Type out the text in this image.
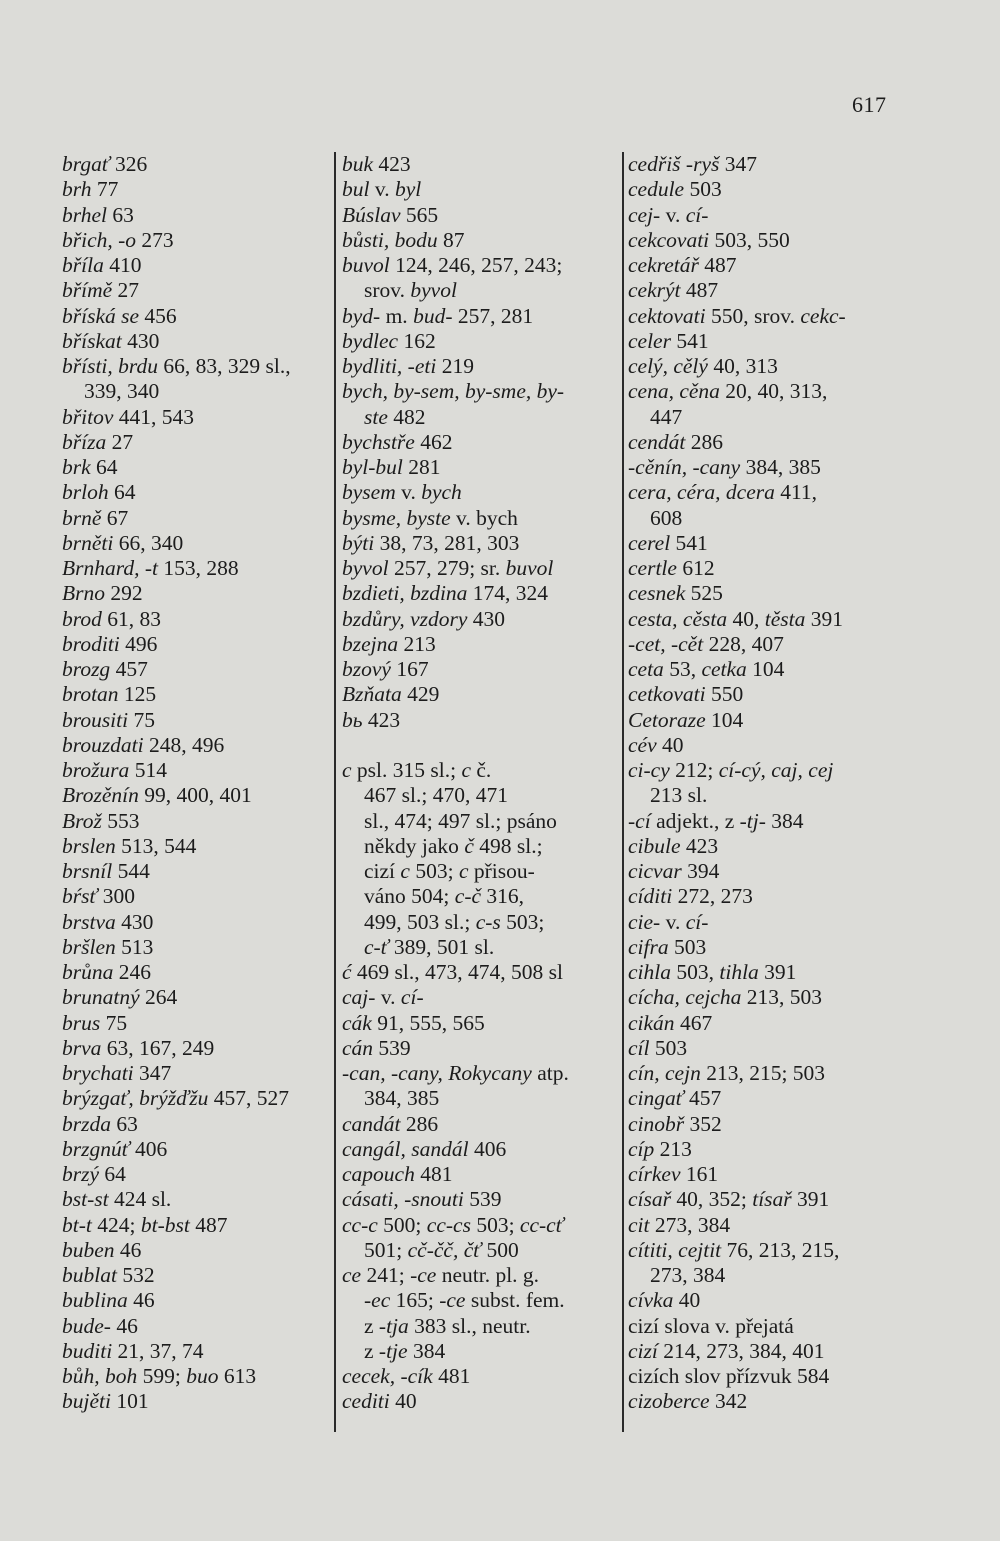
617
brgať 326
brh 77
brhel 63
břich, -o 273
bříla 410
břímě 27
bříská se 456
břískat 430
břísti, brdu 66, 83, 329 sl.,
339, 340
břitov 441, 543
bříza 27
brk 64
brloh 64
brně 67
brněti 66, 340
Brnhard, -t 153, 288
Brno 292
brod 61, 83
broditi 496
brozg 457
brotan 125
brousiti 75
brouzdati 248, 496
brožura 514
Brozěnín 99, 400, 401
Brož 553
brslen 513, 544
brsníl 544
bŕsť 300
brstva 430
bršlen 513
brůna 246
brunatný 264
brus 75
brva 63, 167, 249
brychati 347
brýzgať, brýžďžu 457, 527
brzda 63
brzgnúť 406
brzý 64
bst-st 424 sl.
bt-t 424; bt-bst 487
buben 46
bublat 532
bublina 46
bude- 46
buditi 21, 37, 74
bůh, boh 599; buo 613
bujěti 101
buk 423
bul v. byl
Búslav 565
bůsti, bodu 87
buvol 124, 246, 257, 243;
srov. byvol
byd- m. bud- 257, 281
bydlec 162
bydliti, -eti 219
bych, by-sem, by-sme, by-
ste 482
bychstře 462
byl-bul 281
bysem v. bych
bysme, byste v. bych
býti 38, 73, 281, 303
byvol 257, 279; sr. buvol
bzdieti, bzdina 174, 324
bzdůry, vzdory 430
bzejna 213
bzový 167
Bzňata 429
bь 423
c psl. 315 sl.; c č.
467 sl.; 470, 471
sl., 474; 497 sl.; psáno
někdy jako č 498 sl.;
cizí c 503; c přisou-
váno 504; c-č 316,
499, 503 sl.; c-s 503;
c-ť 389, 501 sl.
ć 469 sl., 473, 474, 508 sl
caj- v. cí-
cák 91, 555, 565
cán 539
-can, -cany, Rokycany atp.
384, 385
candát 286
cangál, sandál 406
capouch 481
cásati, -snouti 539
cc-c 500; cc-cs 503; cc-cť
501; cč-čč, čť 500
ce 241; -ce neutr. pl. g.
-ec 165; -ce subst. fem.
z -tja 383 sl., neutr.
z -tje 384
cecek, -cík 481
cediti 40
cedřiš -ryš 347
cedule 503
cej- v. cí-
cekcovati 503, 550
cekretář 487
cekrýt 487
cektovati 550, srov. cekc-
celer 541
celý, cělý 40, 313
cena, cěna 20, 40, 313,
447
cendát 286
-cěnín, -cany 384, 385
cera, céra, dcera 411,
608
cerel 541
certle 612
cesnek 525
cesta, cěsta 40, těsta 391
-cet, -cět 228, 407
ceta 53, cetka 104
cetkovati 550
Cetoraze 104
cév 40
ci-cy 212; cí-cý, caj, cej
213 sl.
-cí adjekt., z -tj- 384
cibule 423
cicvar 394
cíditi 272, 273
cie- v. cí-
cifra 503
cihla 503, tihla 391
cícha, cejcha 213, 503
cikán 467
cíl 503
cín, cejn 213, 215; 503
cingať 457
cinobř 352
cíp 213
církev 161
císař 40, 352; tísař 391
cit 273, 384
cítiti, cejtit 76, 213, 215,
273, 384
cívka 40
cizí slova v. přejatá
cizí 214, 273, 384, 401
cizích slov přízvuk 584
cizoberce 342
